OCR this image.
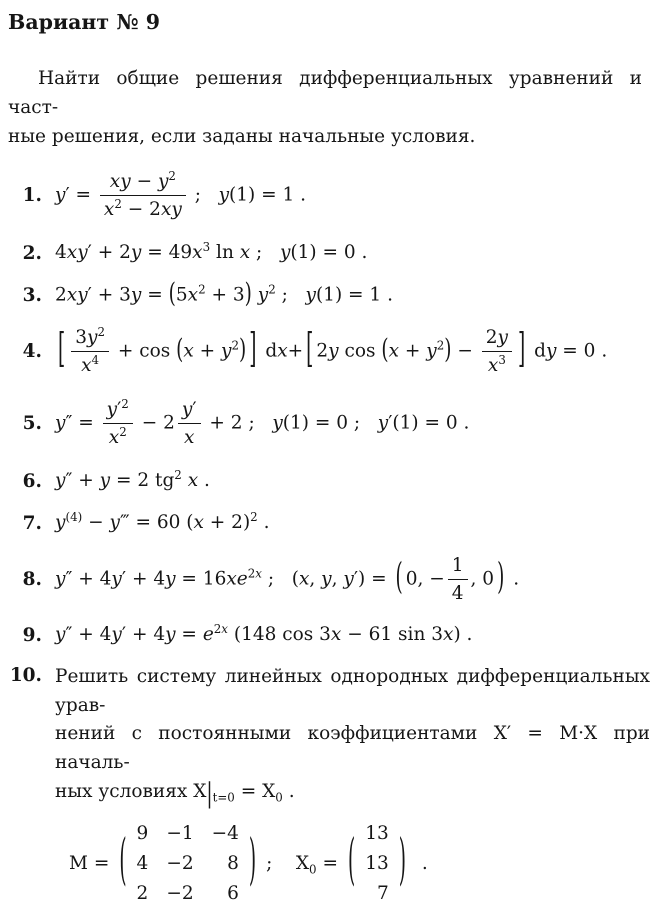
Вариант № 9
Найти общие решения дифференциальных уравнений и част-
ные решения, если заданы начальные условия.
1. $y' = \frac{xy - y^2}{x^2 - 2xy}$ ;   y(1) = 1 .
2. $4xy' + 2y = 49x^3$ ln x ;   y(1) = 0 .
3. $2xy' + 3y = (5x^2 + 3)$ $y^2$ ;   y(1) = 1 .
4. [ $\frac{3y^2}{x^4} + \cos (x + y^2)$ ] dx+ [ 2y $\cos (x + y^2) - \frac{2y}{x^3}$ ] dy = 0 .
5. $y'' = \frac{y'^2}{x^2} - 2 \frac{y'}{x} + 2$ ;   y(1) = 0 ;   y′(1) = 0 .
6. y″ + y = 2 $tg^2$ x .
7. $y^{(4)}$ − y‴ = 60 $(x + 2)^2$ .
8. $y'' + 4y' + 4y = 16xe^{2x}$ ;   (x, y, y′) = ( 0, − $\frac{1}{4}$ , 0 ) .
9. $y'' + 4y' + 4y = e^{2x}$ (148 cos 3x − 61 sin 3x) .
10. Решить систему линейных однородных дифференциальных урав-
нений с постоянными коэффициентами X′ = M·X при началь-
ных условиях $X|_{t=0} = X_0$ .
M = ( 9 −1 −4
4 −2 8
2 −2 6
) ; $X_0$ = ( 13
13
7
) .
